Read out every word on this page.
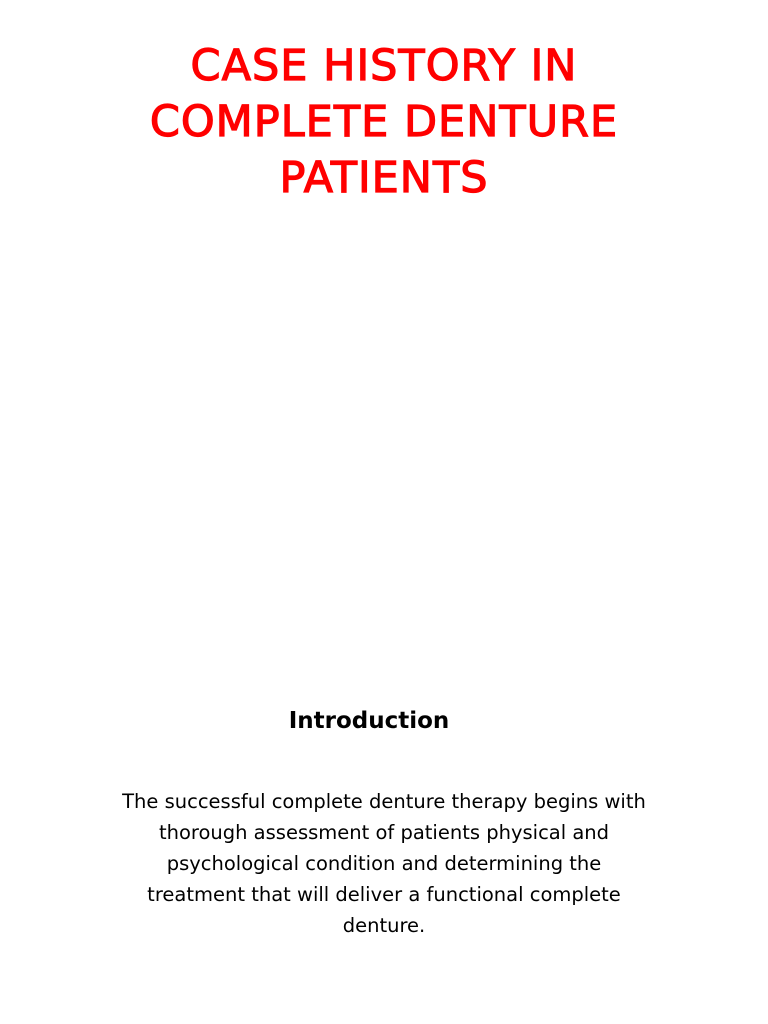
CASE HISTORY IN
COMPLETE DENTURE
PATIENTS
Introduction

The successful complete denture therapy begins with
thorough assessment of patients physical and
psychological condition and determining the
treatment that will deliver a functional complete
denture.
